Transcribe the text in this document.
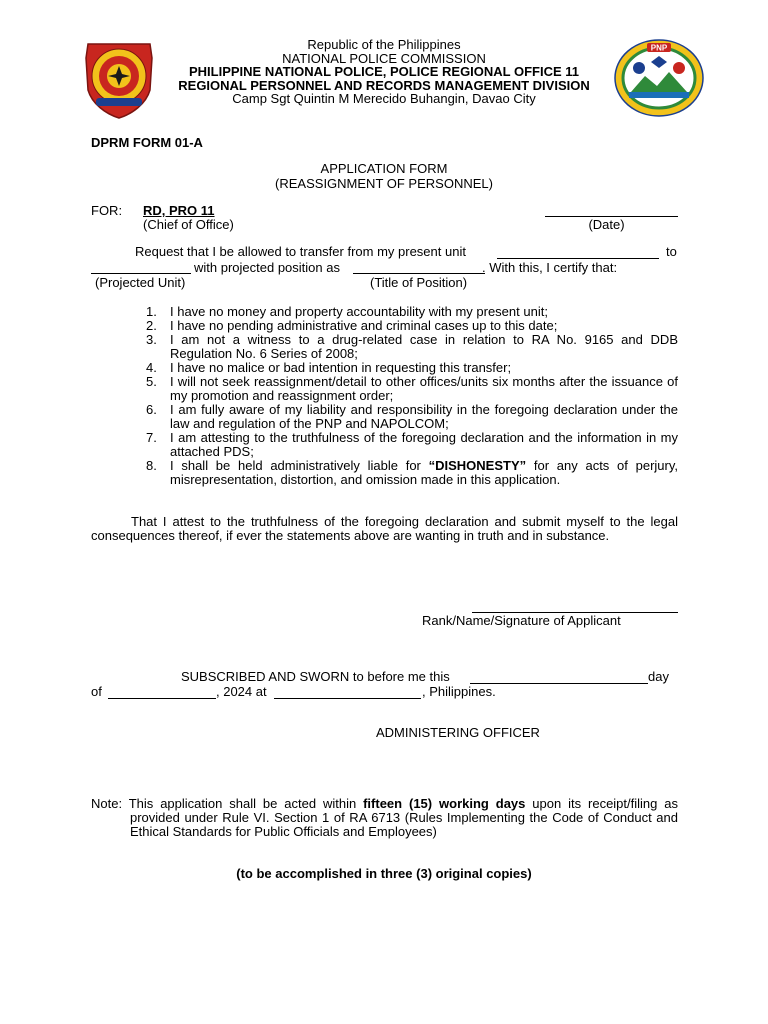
PNP
Republic of the Philippines
NATIONAL POLICE COMMISSION
PHILIPPINE NATIONAL POLICE, POLICE REGIONAL OFFICE 11
REGIONAL PERSONNEL AND RECORDS MANAGEMENT DIVISION
Camp Sgt Quintin M Merecido Buhangin, Davao City
DPRM FORM 01-A
APPLICATION FORM
(REASSIGNMENT OF PERSONNEL)
FOR: RD, PRO 11
(Chief of Office)	(Date)
Request that I be allowed to transfer from my present unit	to
with projected position as	. With this, I certify that:
(Projected Unit)	(Title of Position)
1. I have no money and property accountability with my present unit;
2. I have no pending administrative and criminal cases up to this date;
3. I am not a witness to a drug-related case in relation to RA No. 9165 and DDB Regulation No. 6 Series of 2008;
4. I have no malice or bad intention in requesting this transfer;
5. I will not seek reassignment/detail to other offices/units six months after the issuance of my promotion and reassignment order;
6. I am fully aware of my liability and responsibility in the foregoing declaration under the law and regulation of the PNP and NAPOLCOM;
7. I am attesting to the truthfulness of the foregoing declaration and the information in my attached PDS;
8. I shall be held administratively liable for “DISHONESTY” for any acts of perjury, misrepresentation, distortion, and omission made in this application.
That I attest to the truthfulness of the foregoing declaration and submit myself to the legal consequences thereof, if ever the statements above are wanting in truth and in substance.
Rank/Name/Signature of Applicant
SUBSCRIBED AND SWORN to before me this	day
of	, 2024 at	, Philippines.
ADMINISTERING OFFICER
Note: This application shall be acted within fifteen (15) working days upon its receipt/filing as provided under Rule VI. Section 1 of RA 6713 (Rules Implementing the Code of Conduct and Ethical Standards for Public Officials and Employees)
(to be accomplished in three (3) original copies)
